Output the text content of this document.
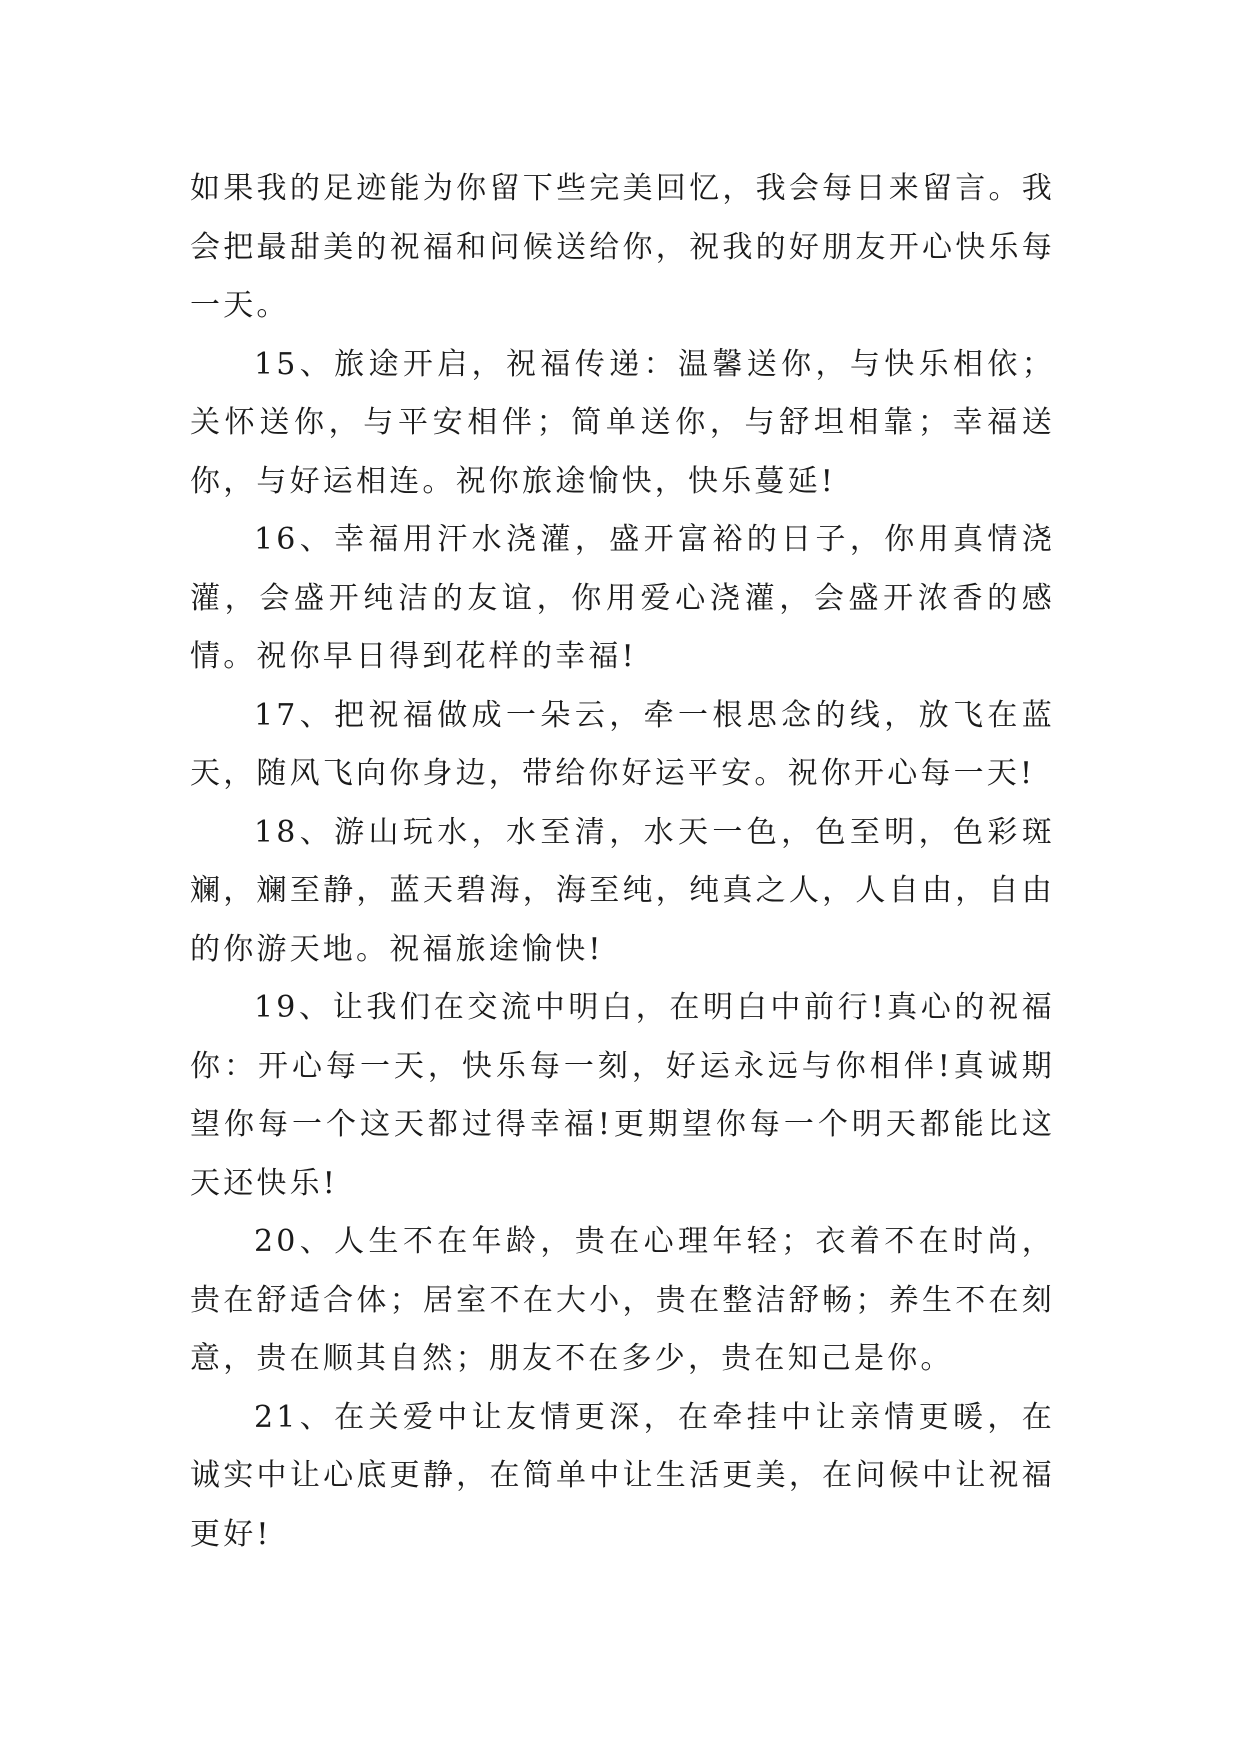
如果我的足迹能为你留下些完美回忆，我会每日来留言。我会把最甜美的祝福和问候送给你，祝我的好朋友开心快乐每一天。

15、旅途开启，祝福传递：温馨送你，与快乐相依；关怀送你，与平安相伴；简单送你，与舒坦相靠；幸福送你，与好运相连。祝你旅途愉快，快乐蔓延!

16、幸福用汗水浇灌，盛开富裕的日子，你用真情浇灌，会盛开纯洁的友谊，你用爱心浇灌，会盛开浓香的感情。祝你早日得到花样的幸福!

17、把祝福做成一朵云，牵一根思念的线，放飞在蓝天，随风飞向你身边，带给你好运平安。祝你开心每一天!

18、游山玩水，水至清，水天一色，色至明，色彩斑斓，斓至静，蓝天碧海，海至纯，纯真之人，人自由，自由的你游天地。祝福旅途愉快!

19、让我们在交流中明白，在明白中前行!真心的祝福你：开心每一天，快乐每一刻，好运永远与你相伴!真诚期望你每一个这天都过得幸福!更期望你每一个明天都能比这天还快乐!

20、人生不在年龄，贵在心理年轻；衣着不在时尚，贵在舒适合体；居室不在大小，贵在整洁舒畅；养生不在刻意，贵在顺其自然；朋友不在多少，贵在知己是你。

21、在关爱中让友情更深，在牵挂中让亲情更暖，在诚实中让心底更静，在简单中让生活更美，在问候中让祝福更好!
